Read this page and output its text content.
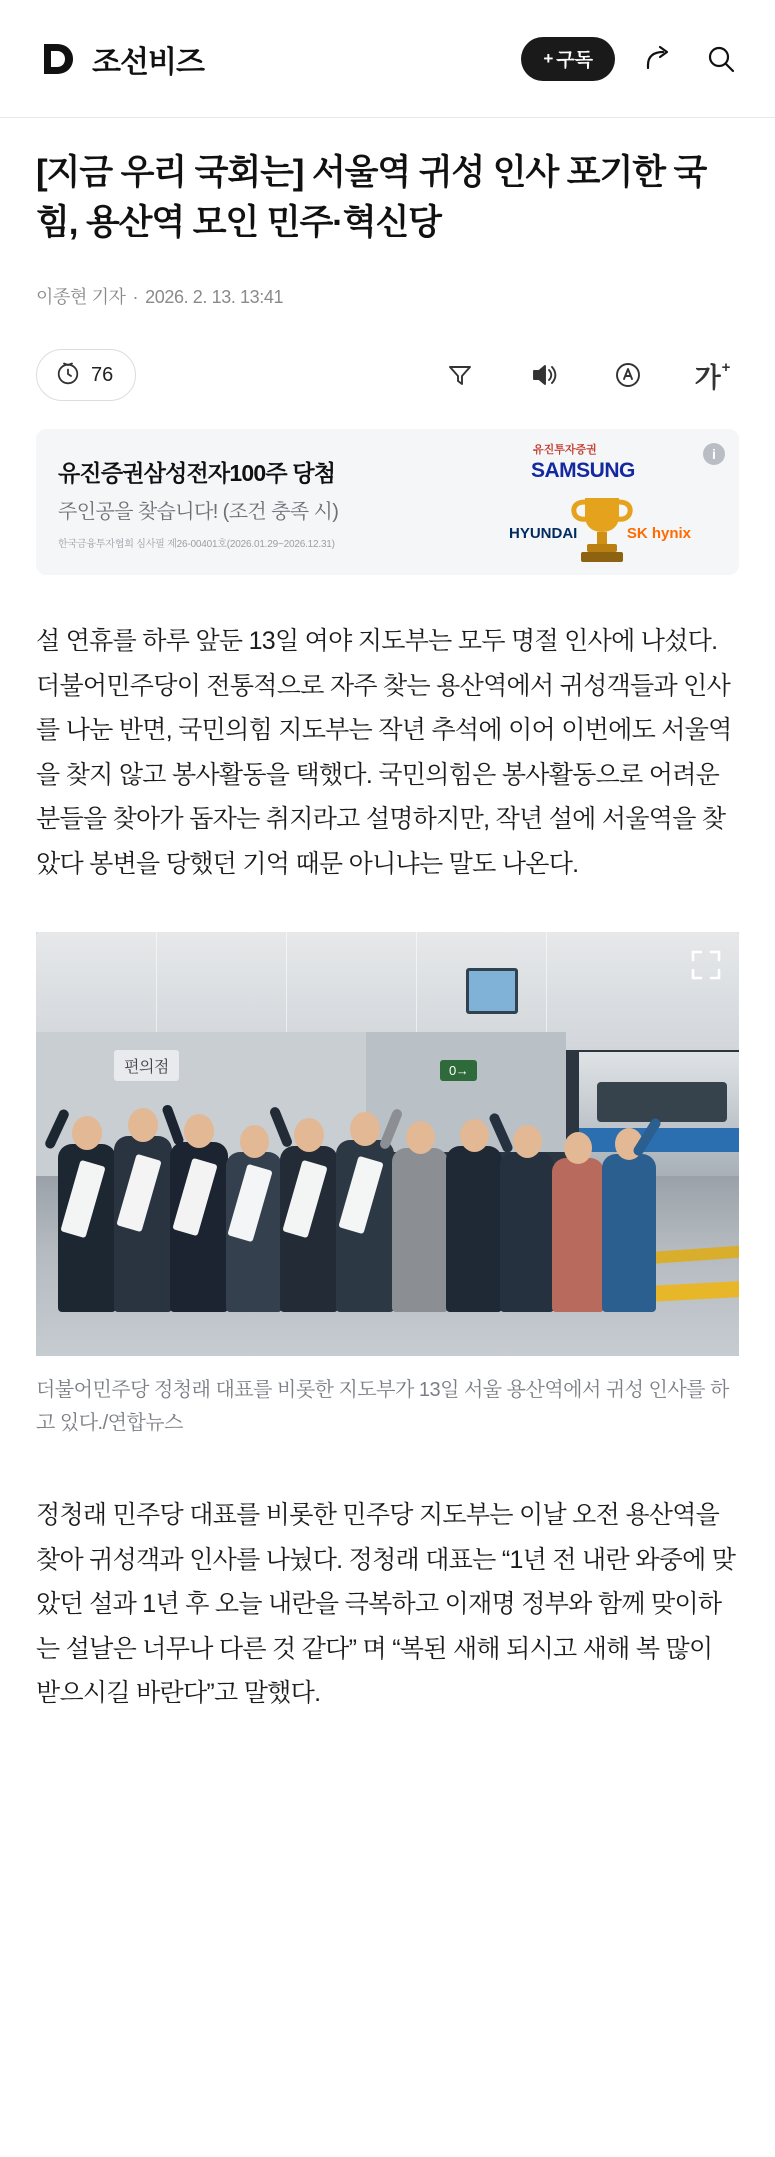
조선비즈	+ 구독
[지금 우리 국회는] 서울역 귀성 인사 포기한 국힘, 용산역 모인 민주·혁신당
이종현 기자 · 2026. 2. 13. 13:41
76	가+
유진증권삼성전자100주 당첨
주인공을 찾습니다! (조건 충족 시)
한국금융투자협회 심사필 제26-00401호(2026.01.29~2026.12.31)
유진투자증권
SAMSUNG
HYUNDAI	SK hynix
i

설 연휴를 하루 앞둔 13일 여야 지도부는 모두 명절 인사에 나섰다. 더불어민주당이 전통적으로 자주 찾는 용산역에서 귀성객들과 인사를 나눈 반면, 국민의힘 지도부는 작년 추석에 이어 이번에도 서울역을 찾지 않고 봉사활동을 택했다. 국민의힘은 봉사활동으로 어려운 분들을 찾아가 돕자는 취지라고 설명하지만, 작년 설에 서울역을 찾았다 봉변을 당했던 기억 때문 아니냐는 말도 나온다.

편의점	0→
더불어민주당 정청래 대표를 비롯한 지도부가 13일 서울 용산역에서 귀성 인사를 하고 있다./연합뉴스

정청래 민주당 대표를 비롯한 민주당 지도부는 이날 오전 용산역을 찾아 귀성객과 인사를 나눴다. 정청래 대표는 “1년 전 내란 와중에 맞았던 설과 1년 후 오늘 내란을 극복하고 이재명 정부와 함께 맞이하는 설날은 너무나 다른 것 같다” 며 “복된 새해 되시고 새해 복 많이 받으시길 바란다”고 말했다.
